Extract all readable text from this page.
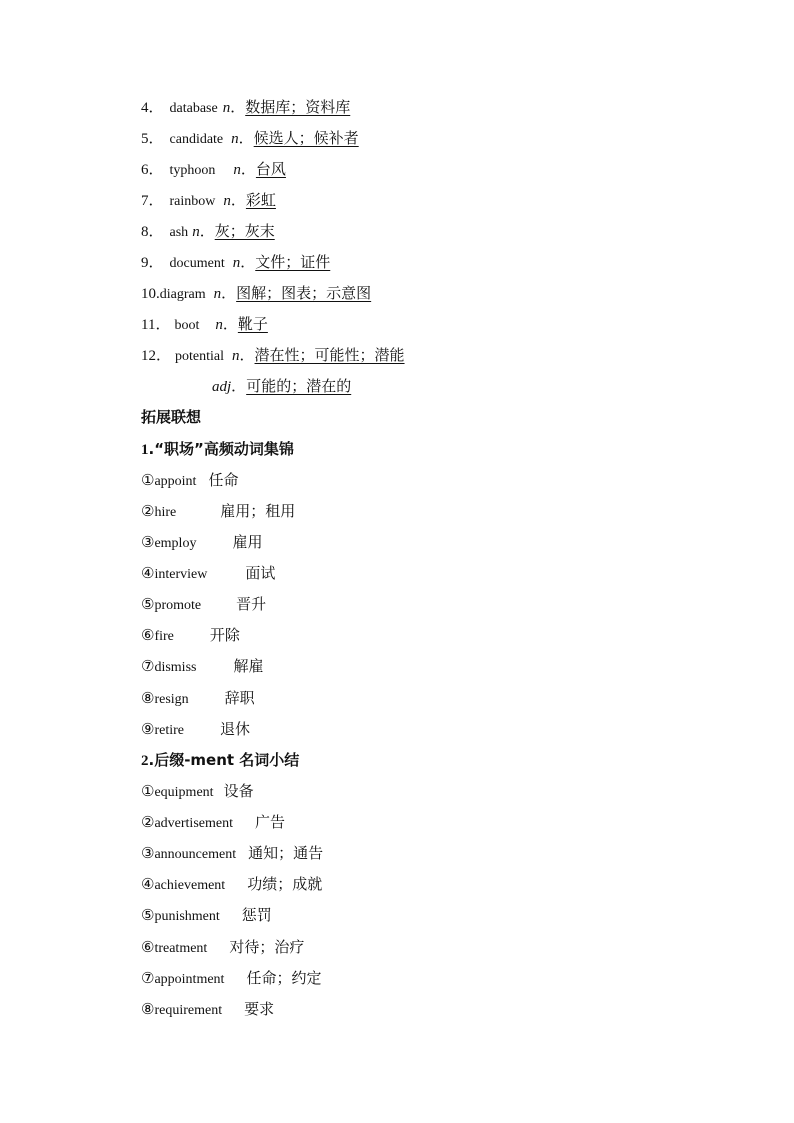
4． database n．数据库；资料库
5． candidate n．候选人；候补者
6． typhoon n．台风
7． rainbow n．彩虹
8． ash n．灰；灰末
9． document n．文件；证件
10.diagram n．图解；图表；示意图
11． boot n．靴子
12． potential n．潜在性；可能性；潜能
adj．可能的；潜在的
拓展联想
1.“职场”高频动词集锦
①appoint 任命
②hire	雇用；租用
③employ 雇用
④interview	面试
⑤promote 晋升
⑥fire 开除
⑦dismiss 解雇
⑧resign 辞职
⑨retire 退休
2.后缀-ment 名词小结
①equipment 设备
②advertisement 广告
③announcement 通知；通告
④achievement 功绩；成就
⑤punishment 惩罚
⑥treatment 对待；治疗
⑦appointment 任命；约定
⑧requirement 要求
